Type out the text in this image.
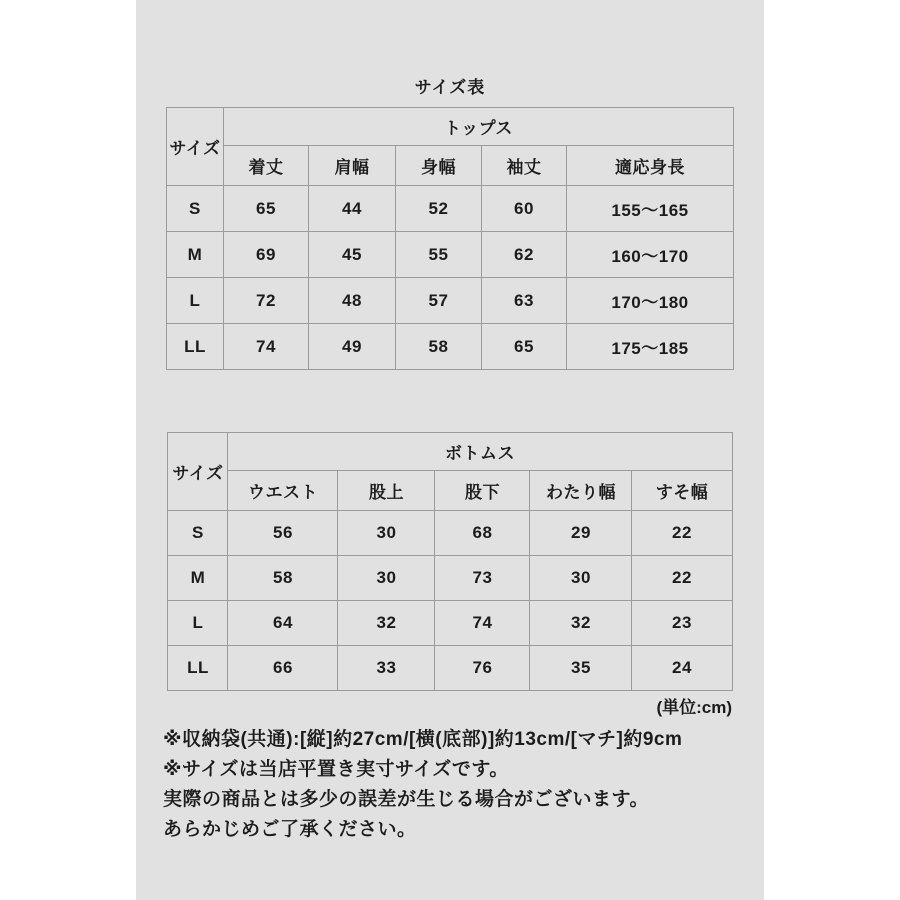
サイズ表
サイズ	トップス				
	着丈	肩幅	身幅	袖丈	適応身長
S	65	44	52	60	155〜165
M	69	45	55	62	160〜170
L	72	48	57	63	170〜180
LL	74	49	58	65	175〜185
サイズ	ボトムス				
	ウエスト	股上	股下	わたり幅	すそ幅
S	56	30	68	29	22
M	58	30	73	30	22
L	64	32	74	32	23
LL	66	33	76	35	24
(単位:cm)
※収納袋(共通):[縦]約27cm/[横(底部)]約13cm/[マチ]約9cm
※サイズは当店平置き実寸サイズです。
実際の商品とは多少の誤差が生じる場合がございます。
あらかじめご了承ください。
